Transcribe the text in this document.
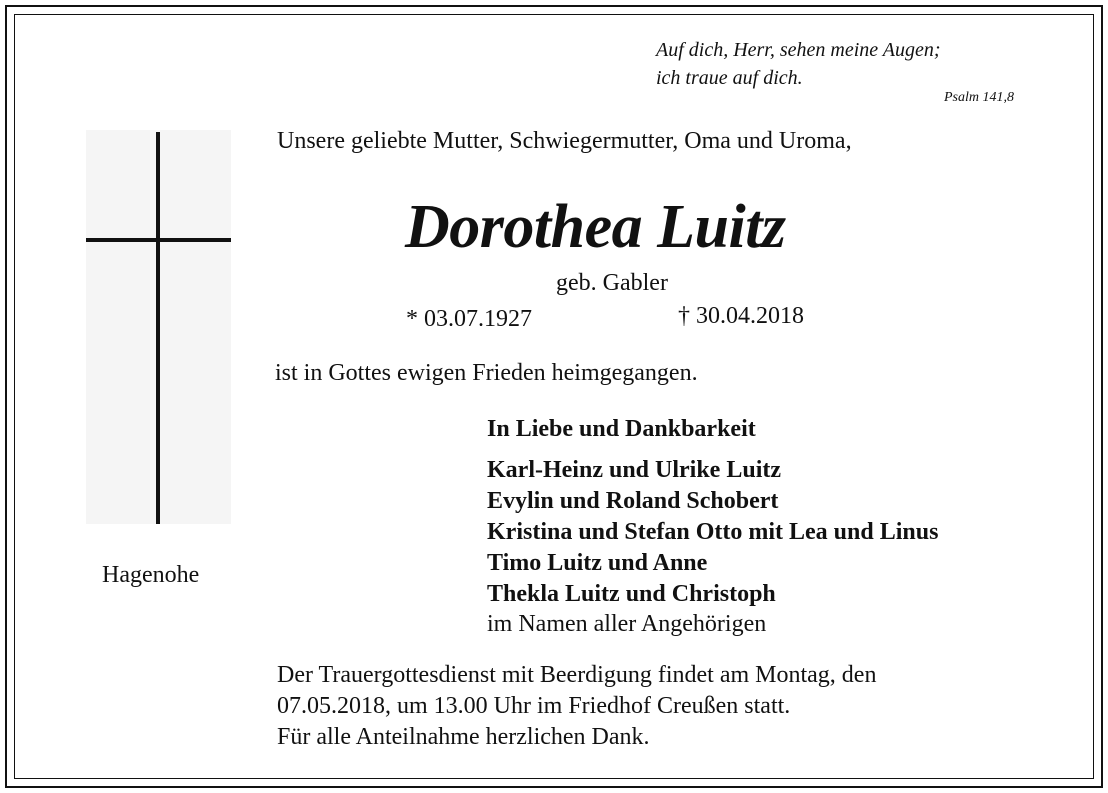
Auf dich, Herr, sehen meine Augen;
ich traue auf dich.
Psalm 141,8
Unsere geliebte Mutter, Schwiegermutter, Oma und Uroma,
Dorothea Luitz
geb. Gabler
* 03.07.1927	† 30.04.2018
ist in Gottes ewigen Frieden heimgegangen.
In Liebe und Dankbarkeit
Karl-Heinz und Ulrike Luitz
Evylin und Roland Schobert
Kristina und Stefan Otto mit Lea und Linus
Timo Luitz und Anne
Thekla Luitz und Christoph
im Namen aller Angehörigen
Der Trauergottesdienst mit Beerdigung findet am Montag, den
07.05.2018, um 13.00 Uhr im Friedhof Creußen statt.
Für alle Anteilnahme herzlichen Dank.
Hagenohe
